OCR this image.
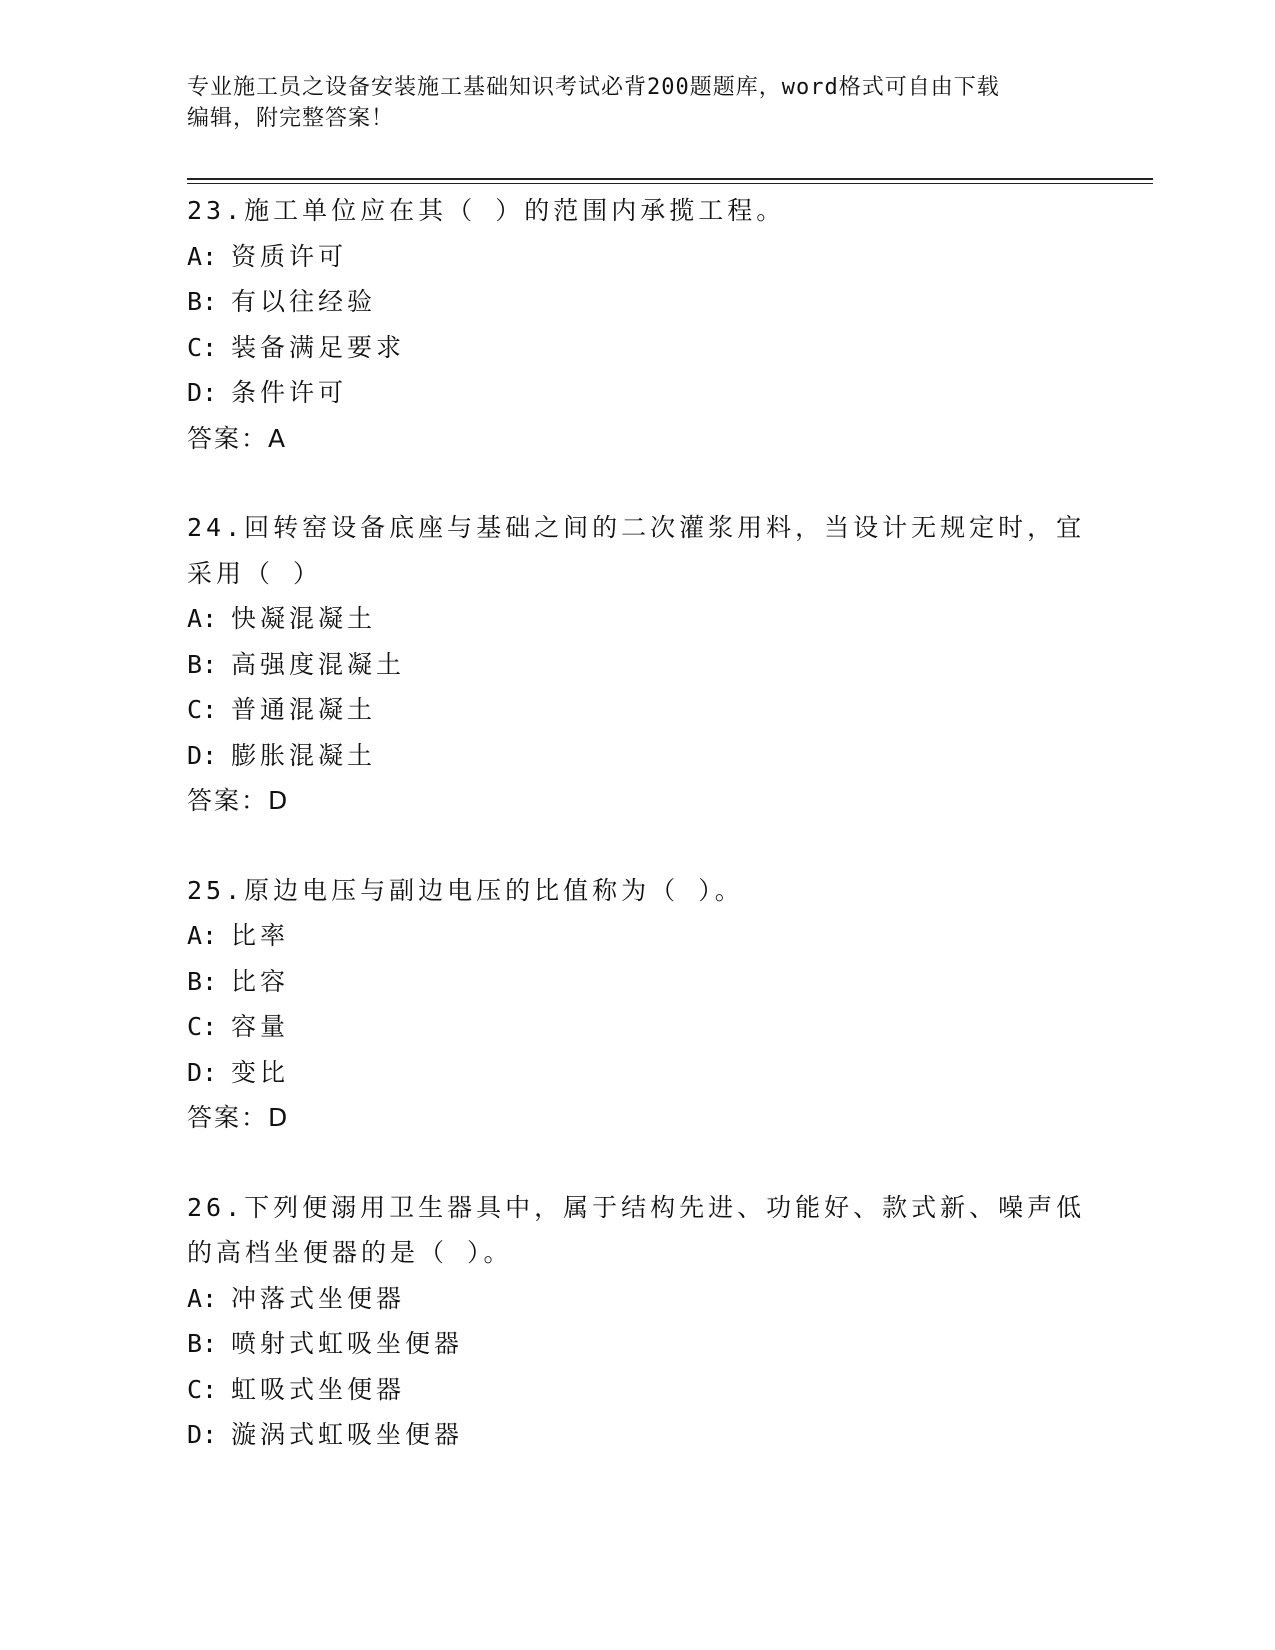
专业施工员之设备安装施工基础知识考试必背200题题库，word格式可自由下载
编辑，附完整答案！
23.施工单位应在其（ ）的范围内承揽工程。
A: 资质许可
B: 有以往经验
C: 装备满足要求
D: 条件许可
答案：A
24.回转窑设备底座与基础之间的二次灌浆用料，当设计无规定时，宜采用（ ）
A: 快凝混凝土
B: 高强度混凝土
C: 普通混凝土
D: 膨胀混凝土
答案：D
25.原边电压与副边电压的比值称为（ ）。
A: 比率
B: 比容
C: 容量
D: 变比
答案：D
26.下列便溺用卫生器具中，属于结构先进、功能好、款式新、噪声低的高档坐便器的是（ ）。
A: 冲落式坐便器
B: 喷射式虹吸坐便器
C: 虹吸式坐便器
D: 漩涡式虹吸坐便器
